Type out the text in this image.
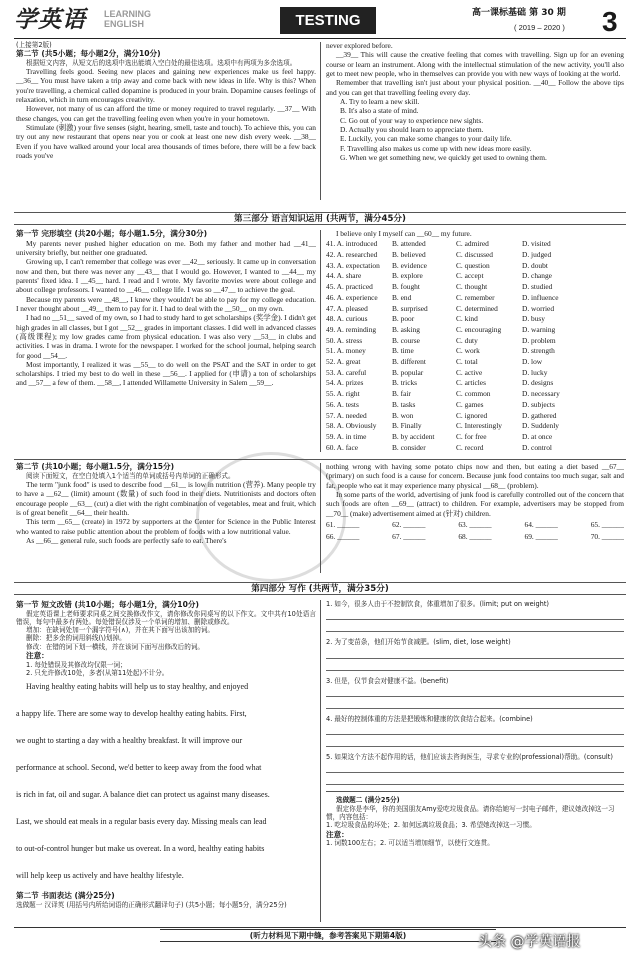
学英语 LEARNING
ENGLISH	TESTING	高一课标基础 第 30 期
( 2019 – 2020 ) 3
(上接第2版)
第二节 (共5小题；每小题2分，满分10分)

根据短文内容，从短文后的选项中选出能填入空白处的最佳选项。选项中有两项为多余选项。

Travelling feels good. Seeing new places and gaining new experiences make us feel happy. __36__ You must have taken a trip away and come back with new ideas in life. Why is this? When you're travelling, a chemical called dopamine is produced in your brain. Dopamine causes feelings of relaxation, which in turn encourages creativity.

However, not many of us can afford the time or money required to travel regularly. __37__ With these changes, you can get the travelling feeling even when you're in your hometown.

Stimulate (刺激) your five senses (sight, hearing, smell, taste and touch). To achieve this, you can try out any new restaurant that opens near you or cook at least one new dish every week. __38__ Even if you have walked around your local area thousands of times before, there will be a few back roads you've

never explored before.

__39__ This will cause the creative feeling that comes with travelling. Sign up for an evening course or learn an instrument. Along with the intellectual stimulation of the new activity, you'll also get to meet new people, who in themselves can provide you with new ways of looking at the world.

Remember that travelling isn't just about your physical position. __40__ Follow the above tips and you can get that travelling feeling every day.

A. Try to learn a new skill.
B. It's also a state of mind.
C. Go out of your way to experience new sights.
D. Actually you should learn to appreciate them.
E. Luckily, you can make some changes to your daily life.
F. Travelling also makes us come up with new ideas more easily.
G. When we get something new, we quickly get used to owning them.
第三部分 语言知识运用 (共两节，满分45分)
第一节 完形填空 (共20小题；每小题1.5分，满分30分)

My parents never pushed higher education on me. Both my father and mother had __41__ university briefly, but neither one graduated.

Growing up, I can't remember that college was ever __42__ seriously. It came up in conversation now and then, but there was never any __43__ that I would go. However, I wanted to __44__ my parents' fixed idea. I __45__ hard. I read and I wrote. My favorite movies were about college and about college professors. I wanted to __46__ college life. I was so __47__ to achieve the goal.

Because my parents were __48__, I knew they wouldn't be able to pay for my college education. I never thought about __49__ them to pay for it. I had to deal with the __50__ on my own.

I had no __51__ saved of my own, so I had to study hard to get scholarships (奖学金). I didn't get high grades in all classes, but I got __52__ grades in important classes. I did well in advanced classes (高级课程); my low grades came from physical education. I was also very __53__ in clubs and activities. I was in drama. I wrote for the newspaper. I worked for the school journal, helping search for good __54__.

Most importantly, I realized it was __55__ to do well on the PSAT and the SAT in order to get scholarships. I tried my best to do well in these __56__. I applied for (申请) a ton of scholarships and __57__ a few of them. __58__, I attended Willamette University in Salem __59__.

I believe only I myself can __60__ my future.

41. A. introduced	B. attended	C. admired	D. visited
42. A. researched	B. believed	C. discussed	D. judged
43. A. expectation	B. evidence	C. question	D. doubt
44. A. share	B. explore	C. accept	D. change
45. A. practiced	B. fought	C. thought	D. studied
46. A. experience	B. end	C. remember	D. influence
47. A. pleased	B. surprised	C. determined	D. worried
48. A. curious	B. poor	C. kind	D. busy
49. A. reminding	B. asking	C. encouraging	D. warning
50. A. stress	B. course	C. duty	D. problem
51. A. money	B. time	C. work	D. strength
52. A. great	B. different	C. total	D. low
53. A. careful	B. popular	C. active	D. lucky
54. A. prizes	B. tricks	C. articles	D. designs
55. A. right	B. fair	C. common	D. necessary
56. A. tests	B. tasks	C. games	D. subjects
57. A. needed	B. won	C. ignored	D. gathered
58. A. Obviously	B. Finally	C. Interestingly	D. Suddenly
59. A. in time	B. by accident	C. for free	D. at once
60. A. face	B. consider	C. record	D. control
第二节 (共10小题；每小题1.5分，满分15分)

阅读下面短文，在空白处填入1个适当的单词或括号内单词的正确形式。

The term "junk food" is used to describe food __61__ is low in nutrition (营养). Many people try to have a __62__ (limit) amount (数量) of such food in their diets. Nutritionists and doctors often encourage people __63__ (cut) a diet with the right combination of vegetables, meat and fruit, which is of great benefit __64__ their health.

This term __65__ (create) in 1972 by supporters at the Center for Science in the Public Interest who wanted to raise public attention about the problem of foods with a low nutritional value.

As __66__ general rule, such foods are perfectly safe to eat. There's

nothing wrong with having some potato chips now and then, but eating a diet based __67__ (primary) on such food is a cause for concern. Because junk food contains too much sugar, salt and fat, people who eat it may experience many physical __68__ (problem).

In some parts of the world, advertising of junk food is carefully controlled out of the concern that such foods are often __69__ (attract) to children. For example, advertisers may be stopped from __70__ (make) advertisement aimed at (针对) children.

61. ______	62. ______	63. ______	64. ______	65. ______
66. ______	67. ______	68. ______	69. ______	70. ______
第四部分 写作 (共两节，满分35分)
第一节 短文改错 (共10小题；每小题1分，满分10分)

假定英语课上老师要求同桌之间交换修改作文，请你修改你同桌写的以下作文。文中共有10处语言错误，每句中最多有两处。每处错误仅涉及一个单词的增加、删除或修改。

增加：在缺词处加一个漏字符号(∧)，并在其下面写出该加的词。
删除：把多余的词用斜线(\)划掉。
修改：在错的词下划一横线，并在该词下面写出修改后的词。
注意：
1. 每处错误及其修改均仅限一词；
2. 只允许修改10处，多者(从第11处起)不计分。
Having healthy eating habits will help us to stay healthy, and enjoyed
a happy life. There are some way to develop healthy eating habits. First,
we ought to starting a day with a healthy breakfast. It will improve our
performance at school. Second, we'd better to keep away from the food what
is rich in fat, oil and sugar. A balance diet can protect us against many diseases.
Last, we should eat meals in a regular basis every day. Missing meals can lead
to out-of-control hunger but make us overeat. In a word, healthy eating habits
will help keep us actively and have healthy lifestyle.
第二节 书面表达 (满分25分)
选做题一 汉译英 (用括号内所给词语的正确形式翻译句子) (共5小题；每小题5分，满分25分)
1. 如今，很多人由于不控制饮食，体重增加了很多。(limit; put on weight)
2. 为了变苗条，他们开始节食减肥。(slim, diet, lose weight)
3. 但是，仅节食会对健康不益。(benefit)
4. 最好的控制体重的方法是把锻炼和健康的饮食结合起来。(combine)
5. 如果这个方法不起作用的话，他们应该去咨询医生，寻求专业的(professional)帮助。(consult)
选做题二 (满分25分)

假定你是李华，你的美国朋友Amy爱吃垃圾食品。请你给她写一封电子邮件，建议她改掉这一习惯，内容包括：

1. 吃垃圾食品的坏处；2. 如何远离垃圾食品；3. 希望她改掉这一习惯。
注意：
1. 词数100左右；2. 可以适当增加细节，以使行文连贯。
(听力材料见下期中缝，参考答案见下期第4版)	头条 @学英语报
